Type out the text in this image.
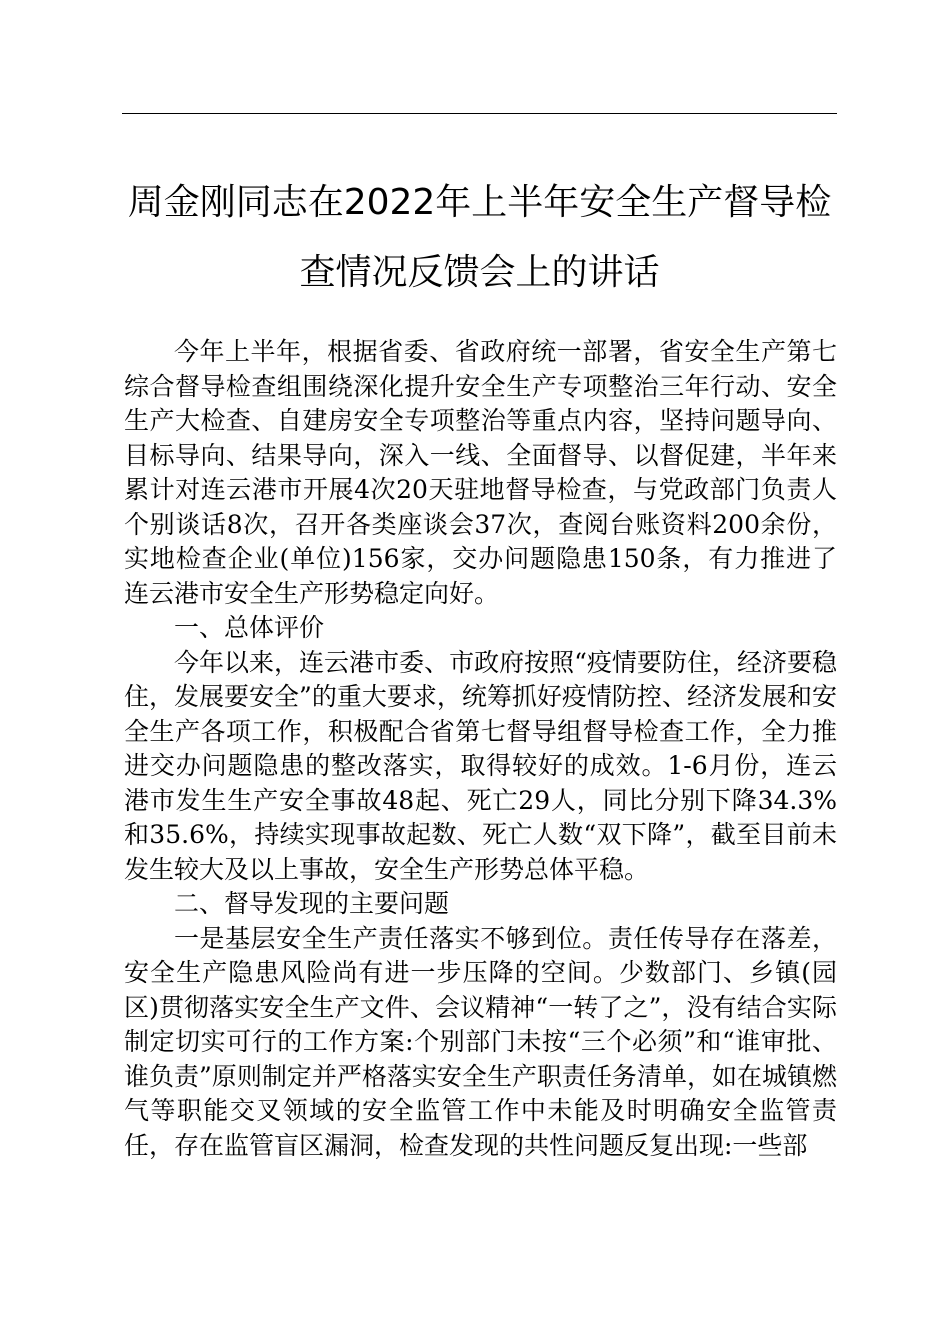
周金刚同志在2022年上半年安全生产督导检
查情况反馈会上的讲话

今年上半年，根据省委、省政府统一部署，省安全生产第七综合督导检查组围绕深化提升安全生产专项整治三年行动、安全生产大检查、自建房安全专项整治等重点内容，坚持问题导向、目标导向、结果导向，深入一线、全面督导、以督促建，半年来累计对连云港市开展4次20天驻地督导检查，与党政部门负责人个别谈话8次，召开各类座谈会37次，查阅台账资料200余份，实地检查企业(单位)156家，交办问题隐患150条，有力推进了连云港市安全生产形势稳定向好。

一、总体评价

今年以来，连云港市委、市政府按照“疫情要防住，经济要稳住，发展要安全”的重大要求，统筹抓好疫情防控、经济发展和安全生产各项工作，积极配合省第七督导组督导检查工作，全力推进交办问题隐患的整改落实，取得较好的成效。1-6月份，连云港市发生生产安全事故48起、死亡29人，同比分别下降34.3%和35.6%，持续实现事故起数、死亡人数“双下降”，截至目前未发生较大及以上事故，安全生产形势总体平稳。

二、督导发现的主要问题

一是基层安全生产责任落实不够到位。责任传导存在落差，安全生产隐患风险尚有进一步压降的空间。少数部门、乡镇(园区)贯彻落实安全生产文件、会议精神“一转了之”，没有结合实际制定切实可行的工作方案:个别部门未按“三个必须”和“谁审批、谁负责”原则制定并严格落实安全生产职责任务清单，如在城镇燃气等职能交叉领域的安全监管工作中未能及时明确安全监管责任，存在监管盲区漏洞，检查发现的共性问题反复出现:一些部
